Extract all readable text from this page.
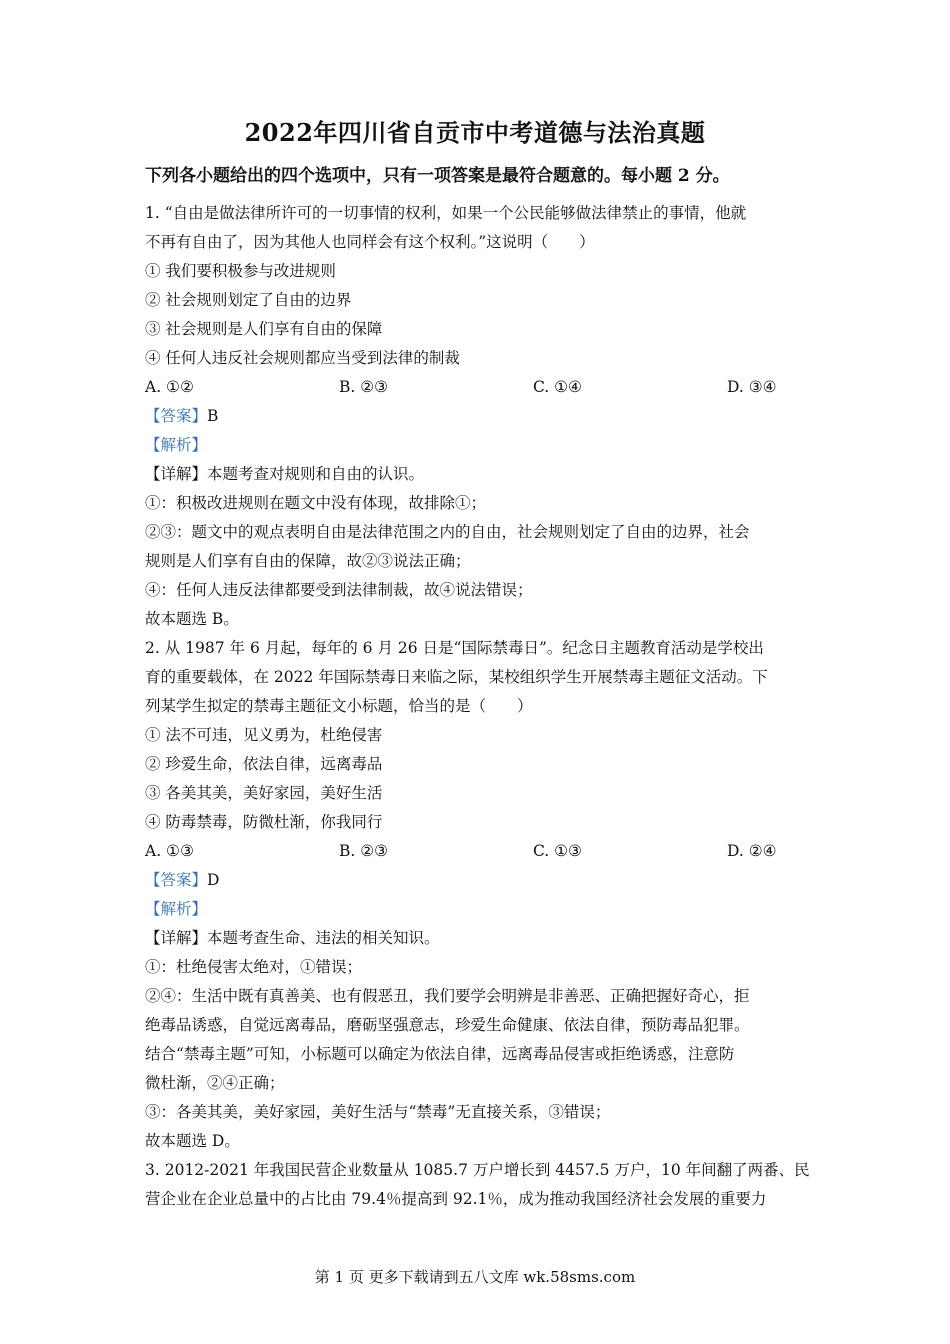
2022年四川省自贡市中考道德与法治真题

下列各小题给出的四个选项中，只有一项答案是最符合题意的。每小题 2 分。

1. “自由是做法律所许可的一切事情的权利，如果一个公民能够做法律禁止的事情，他就

不再有自由了，因为其他人也同样会有这个权利。”这说明（　　）

① 我们要积极参与改进规则

② 社会规则划定了自由的边界

③ 社会规则是人们享有自由的保障

④ 任何人违反社会规则都应当受到法律的制裁

A. ①②	B. ②③	C. ①④	D. ③④

【答案】B

【解析】

【详解】本题考查对规则和自由的认识。

①：积极改进规则在题文中没有体现，故排除①；

②③：题文中的观点表明自由是法律范围之内的自由，社会规则划定了自由的边界，社会

规则是人们享有自由的保障，故②③说法正确；

④：任何人违反法律都要受到法律制裁，故④说法错误；

故本题选 B。

2. 从 1987 年 6 月起，每年的 6 月 26 日是“国际禁毒日”。纪念日主题教育活动是学校出

育的重要载体，在 2022 年国际禁毒日来临之际，某校组织学生开展禁毒主题征文活动。下

列某学生拟定的禁毒主题征文小标题，恰当的是（　　）

① 法不可违，见义勇为，杜绝侵害

② 珍爱生命，依法自律，远离毒品

③ 各美其美，美好家园，美好生活

④ 防毒禁毒，防微杜渐，你我同行

A. ①③	B. ②③	C. ①③	D. ②④

【答案】D

【解析】

【详解】本题考查生命、违法的相关知识。

①：杜绝侵害太绝对，①错误；

②④：生活中既有真善美、也有假恶丑，我们要学会明辨是非善恶、正确把握好奇心，拒

绝毒品诱惑，自觉远离毒品，磨砺坚强意志，珍爱生命健康、依法自律，预防毒品犯罪。

结合“禁毒主题”可知，小标题可以确定为依法自律，远离毒品侵害或拒绝诱惑，注意防

微杜渐，②④正确；

③：各美其美，美好家园，美好生活与“禁毒”无直接关系，③错误；

故本题选 D。

3. 2012-2021 年我国民营企业数量从 1085.7 万户增长到 4457.5 万户，10 年间翻了两番、民

营企业在企业总量中的占比由 79.4％提高到 92.1％，成为推动我国经济社会发展的重要力

第 1 页 更多下载请到五八文库 wk.58sms.com
